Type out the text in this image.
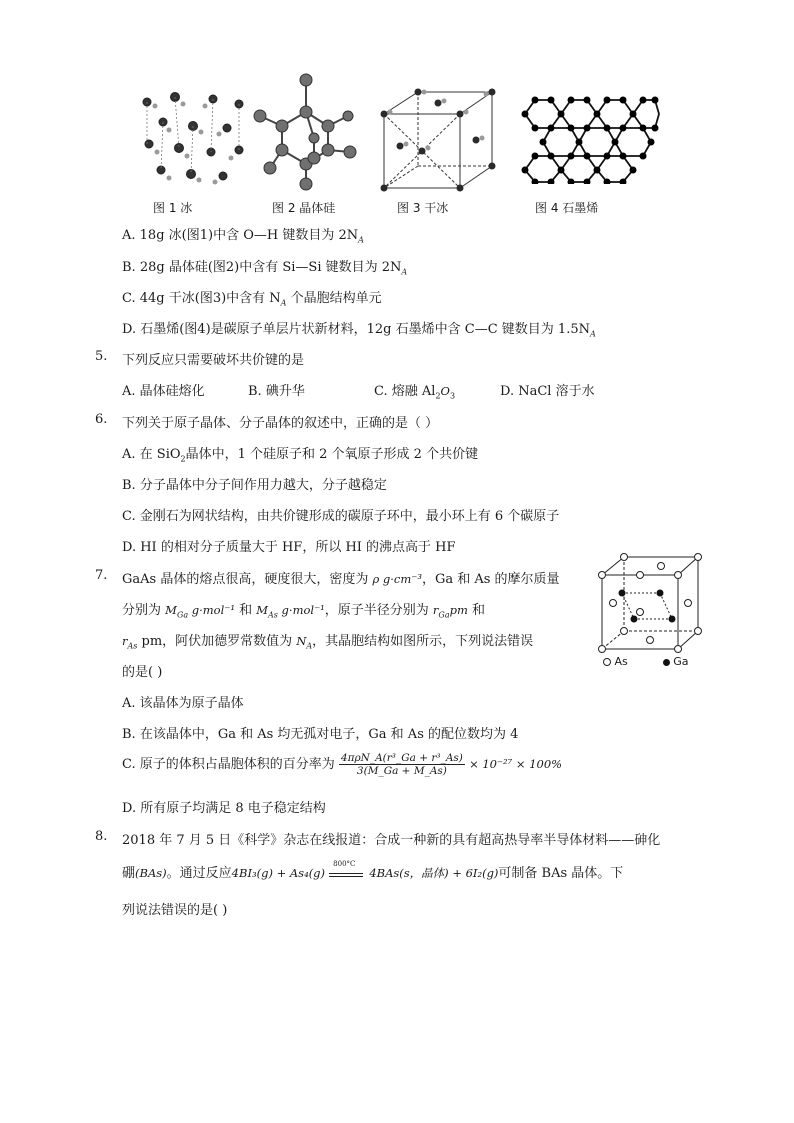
图 1 冰	图 2 晶体硅	图 3 干冰	图 4 石墨烯
A. 18g 冰(图1)中含 O—H 键数目为 $2N_A$
B. 28g 晶体硅(图2)中含有 Si—Si 键数目为 $2N_A$
C. 44g 干冰(图3)中含有 $N_A$ 个晶胞结构单元
D. 石墨烯(图4)是碳原子单层片状新材料，12g 石墨烯中含 C—C 键数目为 $1.5N_A$
5. 下列反应只需要破坏共价键的是
A. 晶体硅熔化	B. 碘升华	C. 熔融 $Al_2O_3$	D. NaCl 溶于水
6. 下列关于原子晶体、分子晶体的叙述中，正确的是（ ）
A. 在 SiO$_2$晶体中，1 个硅原子和 2 个氧原子形成 2 个共价键
B. 分子晶体中分子间作用力越大，分子越稳定
C. 金刚石为网状结构，由共价键形成的碳原子环中，最小环上有 6 个碳原子
D. HI 的相对分子质量大于 HF，所以 HI 的沸点高于 HF
7. GaAs 晶体的熔点很高，硬度很大，密度为 ρ g·cm⁻³，Ga 和 As 的摩尔质量
分别为 $M_{Ga}$ g·mol⁻¹ 和 $M_{As}$ g·mol⁻¹，原子半径分别为 $r_{Ga}pm$ 和
$r_{As}$ pm，阿伏加德罗常数值为 $N_A$，其晶胞结构如图所示，下列说法错误
的是( )
As	Ga
A. 该晶体为原子晶体
B. 在该晶体中，Ga 和 As 均无孤对电子，Ga 和 As 的配位数均为 4
C. 原子的体积占晶胞体积的百分率为 $\frac{\text{4πρN\_A(r³\_Ga + r³\_As)}}{3(M\_Ga + M\_As)} \times 10^{-27} \times 100\%$
D. 所有原子均满足 8 电子稳定结构
8. 2018 年 7 月 5 日《科学》杂志在线报道：合成一种新的具有超高热导率半导体材料——砷化
硼(BAs)。通过反应4BI₃(g) + As₄(g)
800°C
4BAs(s，晶体) + 6I₂(g)可制备 BAs 晶体。下
列说法错误的是( )
